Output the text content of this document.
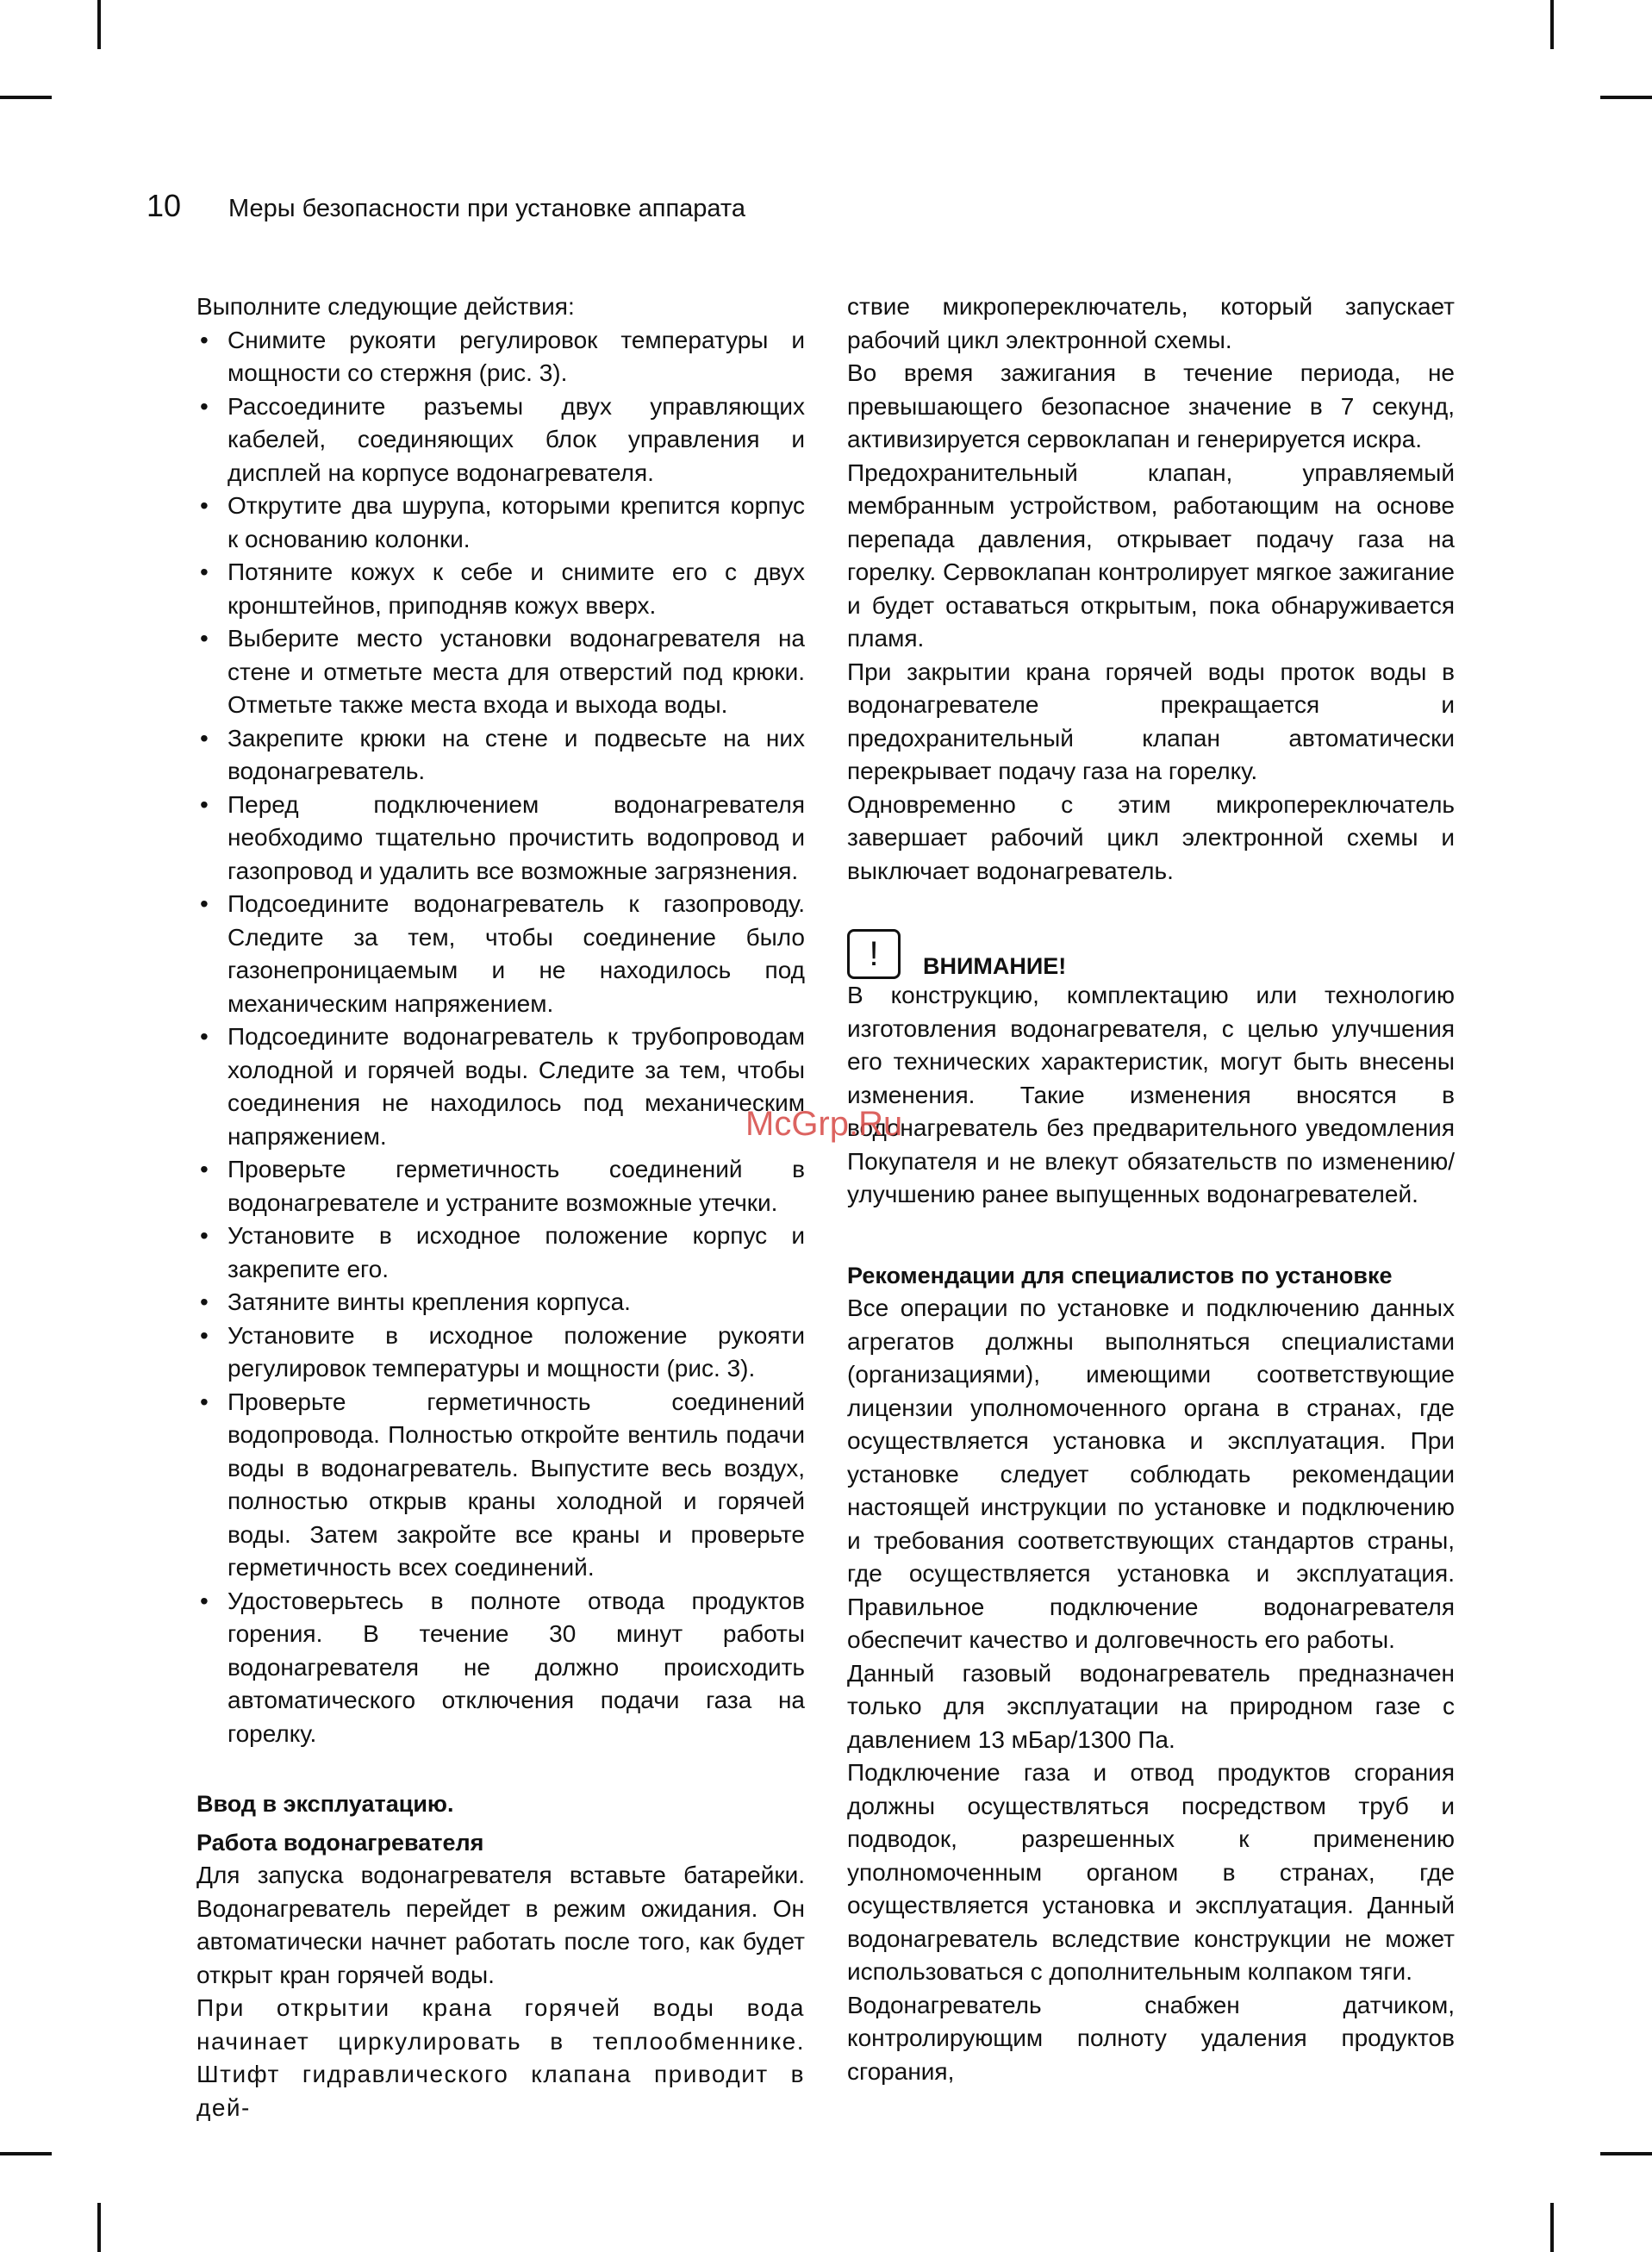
10	Меры безопасности при установке аппарата

Выполните следующие действия:

• Снимите рукояти регулировок температуры и мощности со стержня (рис. 3).
• Рассоедините разъемы двух управляющих кабелей, соединяющих блок управления и дисплей на корпусе водонагревателя.
• Открутите два шурупа, которыми крепится корпус к основанию колонки.
• Потяните кожух к себе и снимите его с двух кронштейнов, приподняв кожух вверх.
• Выберите место установки водонагревателя на стене и отметьте места для отверстий под крюки. Отметьте также места входа и выхода воды.
• Закрепите крюки на стене и подвесьте на них водонагреватель.
• Перед подключением водонагревателя необходимо тщательно прочистить водопровод и газопровод и удалить все возможные загрязнения.
• Подсоедините водонагреватель к газопроводу. Следите за тем, чтобы соединение было газонепроницаемым и не находилось под механическим напряжением.
• Подсоедините водонагреватель к трубопроводам холодной и горячей воды. Следите за тем, чтобы соединения не находилось под механическим напряжением.
• Проверьте герметичность соединений в водонагревателе и устраните возможные утечки.
• Установите в исходное положение корпус и закрепите его.
• Затяните винты крепления корпуса.
• Установите в исходное положение рукояти регулировок температуры и мощности (рис. 3).
• Проверьте герметичность соединений водопровода. Полностью откройте вентиль подачи воды в водонагреватель. Выпустите весь воздух, полностью открыв краны холодной и горячей воды. Затем закройте все краны и проверьте герметичность всех соединений.
• Удостоверьтесь в полноте отвода продуктов горения. В течение 30 минут работы водонагревателя не должно происходить автоматического отключения подачи газа на горелку.

Ввод в эксплуатацию.

Работа водонагревателя

Для запуска водонагревателя вставьте батарейки. Водонагреватель перейдет в режим ожидания. Он автоматически начнет работать после того, как будет открыт кран горячей воды.

При открытии крана горячей воды вода начинает циркулировать в теплообменнике. Штифт гидравлического клапана приводит в дей-

ствие микропереключатель, который запускает рабочий цикл электронной схемы.

Во время зажигания в течение периода, не превышающего безопасное значение в 7 секунд, активизируется сервоклапан и генерируется искра.

Предохранительный клапан, управляемый мембранным устройством, работающим на основе перепада давления, открывает подачу газа на горелку. Сервоклапан контролирует мягкое зажигание и будет оставаться открытым, пока обнаруживается пламя.

При закрытии крана горячей воды проток воды в водонагревателе прекращается и предохранительный клапан автоматически перекрывает подачу газа на горелку.

Одновременно с этим микропереключатель завершает рабочий цикл электронной схемы и выключает водонагреватель.

!	ВНИМАНИЕ!

В конструкцию, комплектацию или технологию изготовления водонагревателя, с целью улучшения его технических характеристик, могут быть внесены изменения. Такие изменения вносятся в водонагреватель без предварительного уведомления Покупателя и не влекут обязательств по изменению/улучшению ранее выпущенных водонагревателей.

Рекомендации для специалистов по установке

Все операции по установке и подключению данных агрегатов должны выполняться специалистами (организациями), имеющими соответствующие лицензии уполномоченного органа в странах, где осуществляется установка и эксплуатация. При установке следует соблюдать рекомендации настоящей инструкции по установке и подключению и требования соответствующих стандартов страны, где осуществляется установка и эксплуатация. Правильное подключение водонагревателя обеспечит качество и долговечность его работы.

Данный газовый водонагреватель предназначен только для эксплуатации на природном газе с давлением 13 мБар/1300 Па.

Подключение газа и отвод продуктов сгорания должны осуществляться посредством труб и подводок, разрешенных к применению уполномоченным органом в странах, где осуществляется установка и эксплуатация. Данный водонагреватель вследствие конструкции не может использоваться с дополнительным колпаком тяги.

Водонагреватель снабжен датчиком, контролирующим полноту удаления продуктов сгорания,

McGrp.Ru
